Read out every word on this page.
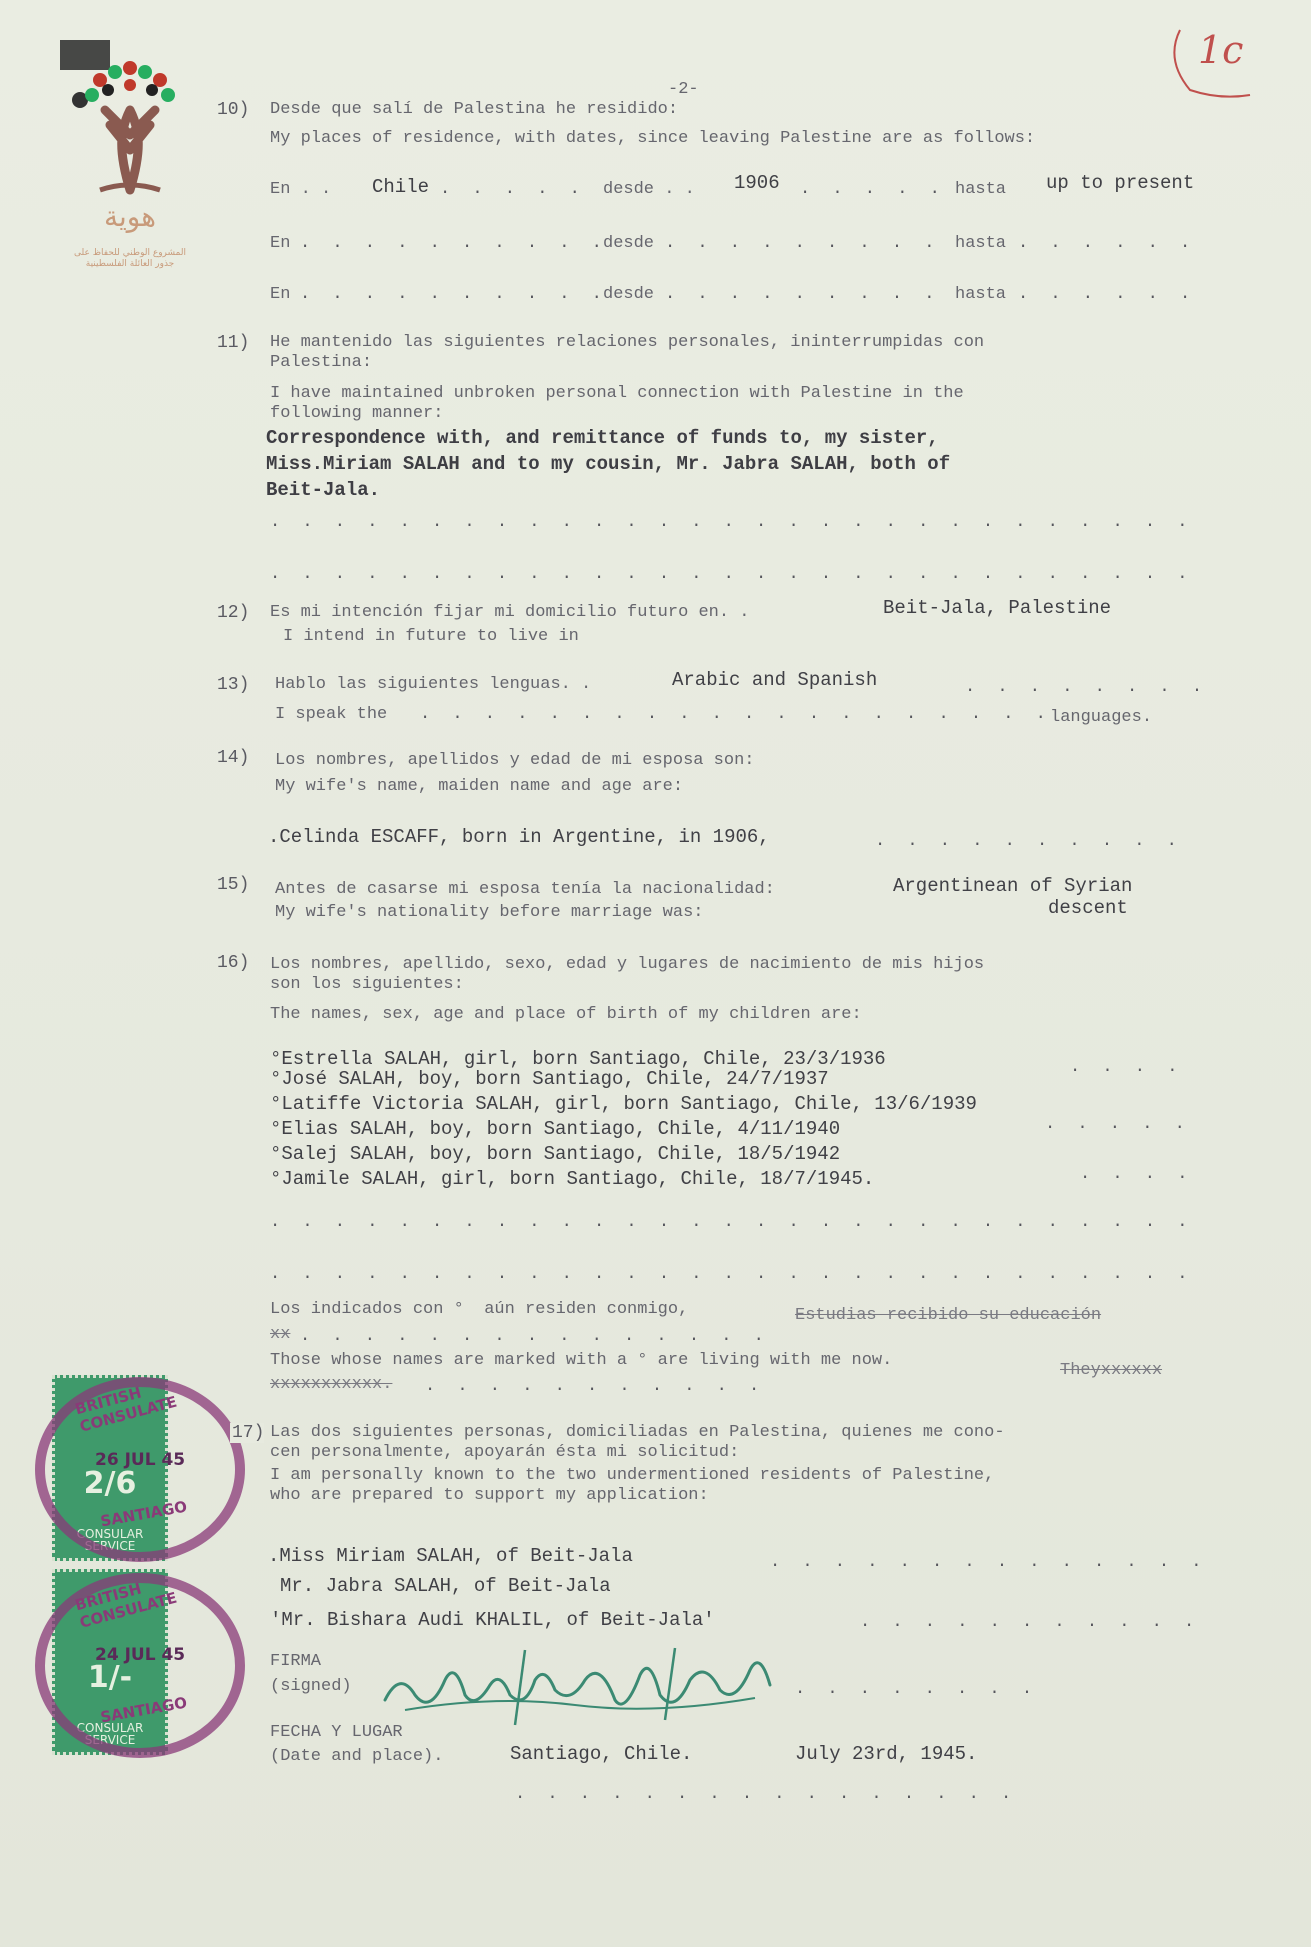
هوية
المشروع الوطني للحفاظ على جذور العائلة الفلسطينية
-2-
1c
10) Desde que salí de Palestina he residido:
My places of residence, with dates, since leaving Palestine are as follows:
En . . Chile . . .	desde . . 1906 . . .	hasta up to present
En . . .	desde . . .	hasta
. . .
En . . .	desde . . .	hasta
. . .
11) He mantenido las siguientes relaciones personales, ininterrumpidas con
Palestina:
I have maintained unbroken personal connection with Palestine in the
following manner:
Correspondence with, and remittance of funds to, my sister,
Miss.Miriam SALAH and to my cousin, Mr. Jabra SALAH, both of
Beit-Jala.
. . .
. . .
12) Es mi intención fijar mi domicilio futuro en. .	Beit-Jala, Palestine
I intend in future to live in
13) Hablo las siguientes lenguas. .	Arabic and Spanish
. . .
I speak the . . .	languages.
14) Los nombres, apellidos y edad de mi esposa son:
My wife's name, maiden name and age are:
.Celinda ESCAFF, born in Argentine, in 1906,
. . .
15) Antes de casarse mi esposa tenía la nacionalidad:	Argentinean of Syrian
My wife's nationality before marriage was:	descent
16) Los nombres, apellido, sexo, edad y lugares de nacimiento de mis hijos
son los siguientes:
The names, sex, age and place of birth of my children are:
°Estrella SALAH, girl, born Santiago, Chile, 23/3/1936
. . .
°José SALAH, boy, born Santiago, Chile, 24/7/1937
°Latiffe Victoria SALAH, girl, born Santiago, Chile, 13/6/1939
°Elias SALAH, boy, born Santiago, Chile, 4/11/1940
. . .
°Salej SALAH, boy, born Santiago, Chile, 18/5/1942
°Jamile SALAH, girl, born Santiago, Chile, 18/7/1945.
. . .
. . .
. . .
Los indicados con °  aún residen conmigo,	Estudias recibido su educación
xx
. . .
Those whose names are marked with a ° are living with me now.
Theyxxxxxx
xxxxxxxxxxx.
. . .
Las dos siguientes personas, domiciliadas en Palestina, quienes me cono-
cen personalmente, apoyarán ésta mi solicitud:
I am personally known to the two undermentioned residents of Palestine,
who are prepared to support my application:
.Miss Miriam SALAH, of Beit-Jala
. . .
Mr. Jabra SALAH, of Beit-Jala
'Mr. Bishara Audi KHALIL, of Beit-Jala'
. . .
FIRMA
(signed)
. . .
FECHA Y LUGAR
(Date and place).	Santiago, Chile.	July 23rd, 1945.
. . .
2/6
CONSULAR SERVICE
BRITISH CONSULATE
26 JUL 45
SANTIAGO
1/-
CONSULAR SERVICE
BRITISH CONSULATE
24 JUL 45
SANTIAGO
17)
